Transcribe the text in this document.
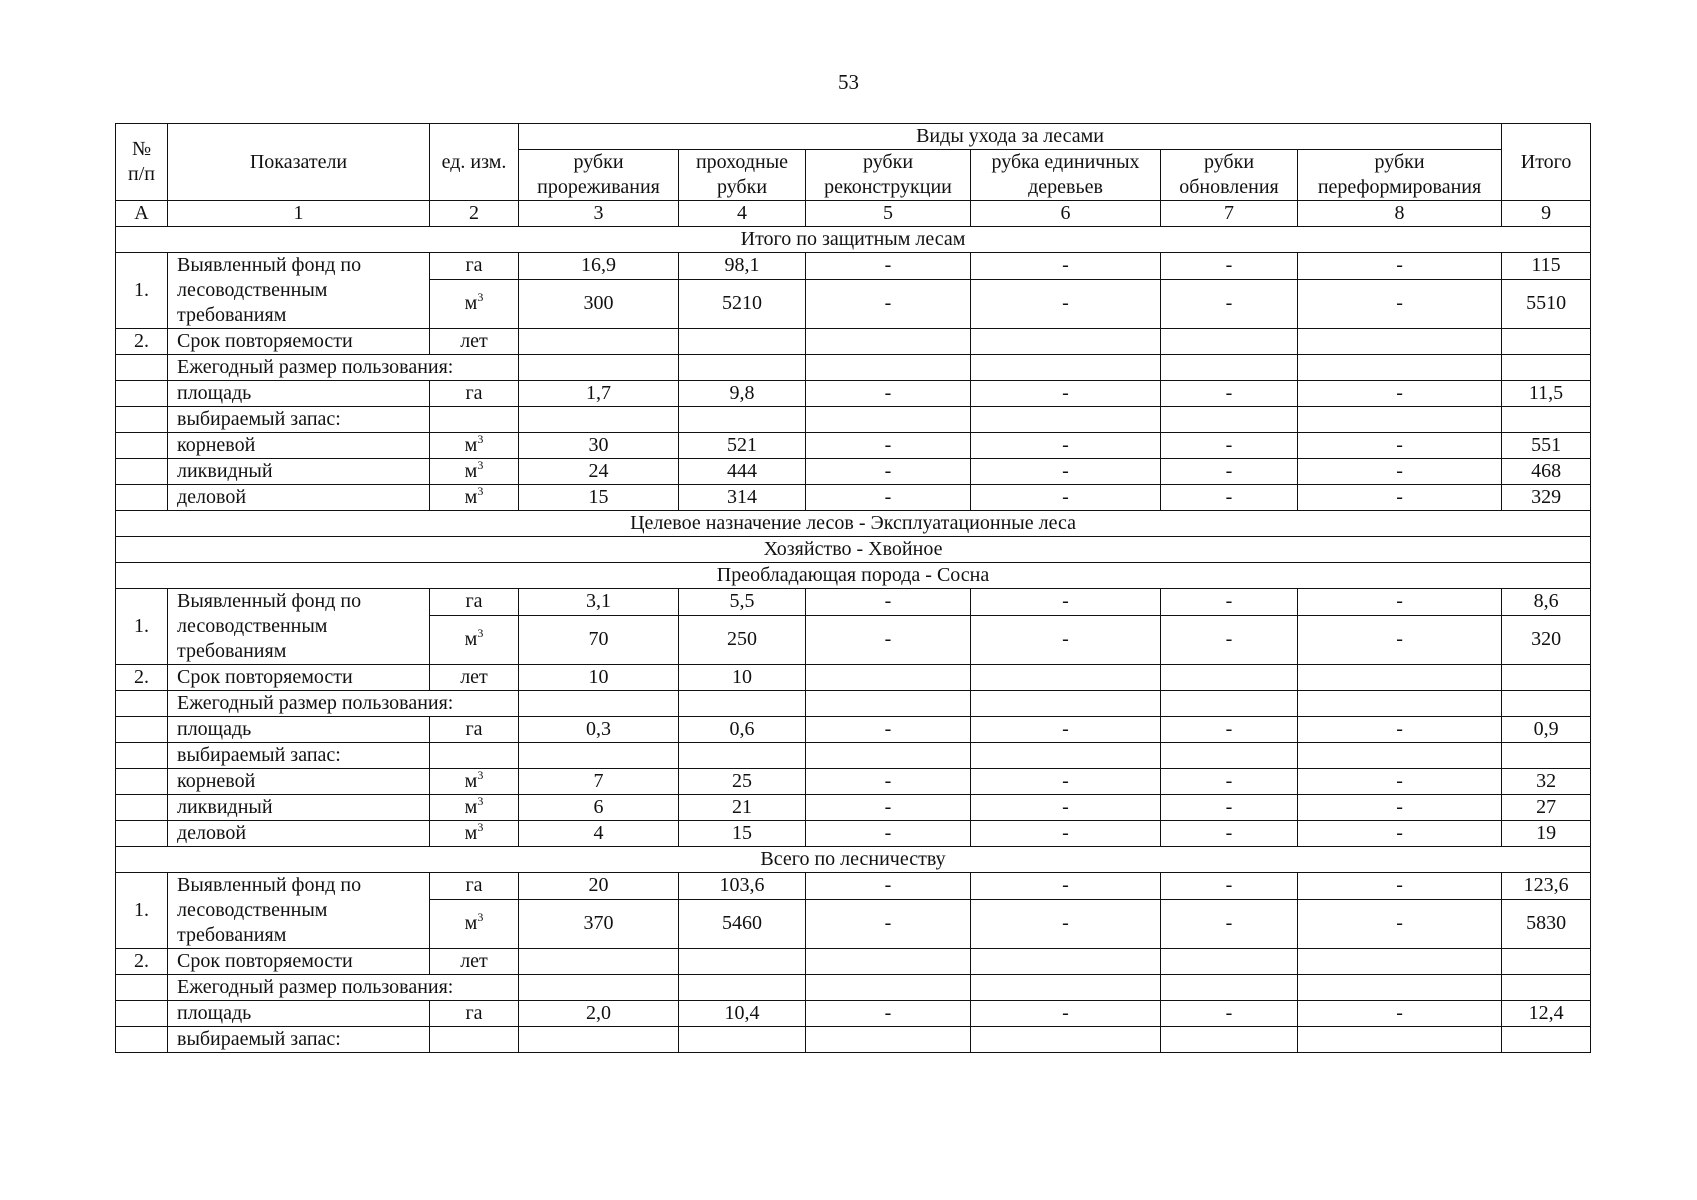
53
№ п/п	Показатели	ед. изм.	Виды ухода за лесами						Итого
			рубки прореживания	проходные рубки	рубки реконструкции	рубка единичных деревьев	рубки обновления	рубки переформирования	
А	1	2	3	4	5	6	7	8	9
Итого по защитным лесам									
1.	Выявленный фонд по лесоводственным требованиям	га	16,9	98,1	-	-	-	-	115
		$м^3$	300	5210	-	-	-	-	5510
2.	Срок повторяемости	лет							
	Ежегодный размер пользования:								
	площадь	га	1,7	9,8	-	-	-	-	11,5
	выбираемый запас:								
	корневой	$м^3$	30	521	-	-	-	-	551
	ликвидный	$м^3$	24	444	-	-	-	-	468
	деловой	$м^3$	15	314	-	-	-	-	329
Целевое назначение лесов - Эксплуатационные леса									
Хозяйство - Хвойное									
Преобладающая порода - Сосна									
1.	Выявленный фонд по лесоводственным требованиям	га	3,1	5,5	-	-	-	-	8,6
		$м^3$	70	250	-	-	-	-	320
2.	Срок повторяемости	лет	10	10					
	Ежегодный размер пользования:								
	площадь	га	0,3	0,6	-	-	-	-	0,9
	выбираемый запас:								
	корневой	$м^3$	7	25	-	-	-	-	32
	ликвидный	$м^3$	6	21	-	-	-	-	27
	деловой	$м^3$	4	15	-	-	-	-	19
Всего по лесничеству									
1.	Выявленный фонд по лесоводственным требованиям	га	20	103,6	-	-	-	-	123,6
		$м^3$	370	5460	-	-	-	-	5830
2.	Срок повторяемости	лет							
	Ежегодный размер пользования:								
	площадь	га	2,0	10,4	-	-	-	-	12,4
	выбираемый запас:								
